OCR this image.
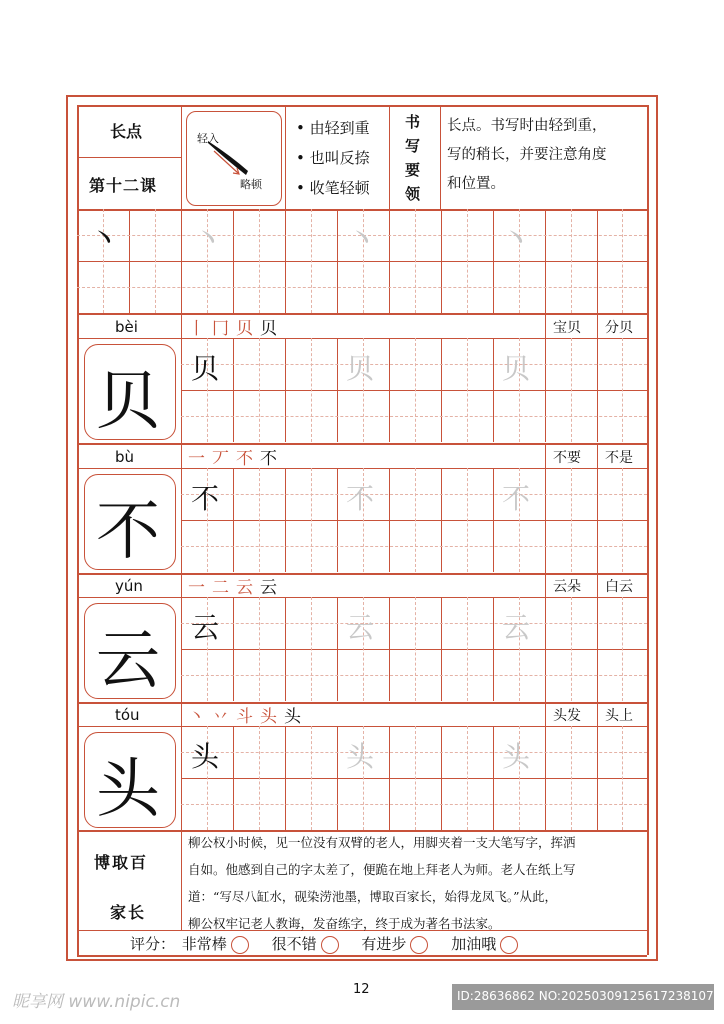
长点
第十二课
轻入
略顿
• 由轻到重
• 也叫反捺
• 收笔轻顿
书写要领
长点。书写时由轻到重，
写的稍长，并要注意角度
和位置。
丶 丶	丶	丶
bèi	丨 冂 贝 贝	宝贝 分贝
贝 贝	贝	贝
bù	一 丆 不 不	不要 不是
不 不	不	不
yún	一 二 云 云	云朵 白云
云 云	云	云
tóu	丶 丷 斗 头 头	头发 头上
头 头	头	头
博取百
家长
柳公权小时候，见一位没有双臂的老人，用脚夹着一支大笔写字，挥洒
自如。他感到自己的字太差了，便跪在地上拜老人为师。老人在纸上写
道：“写尽八缸水，砚染涝池墨，博取百家长，始得龙凤飞。”从此，
柳公权牢记老人教诲，发奋练字，终于成为著名书法家。
评分： 非常棒	很不错	有进步	加油哦
12
昵享网 www.nipic.cn	ID:28636862 NO:20250309125617238107
